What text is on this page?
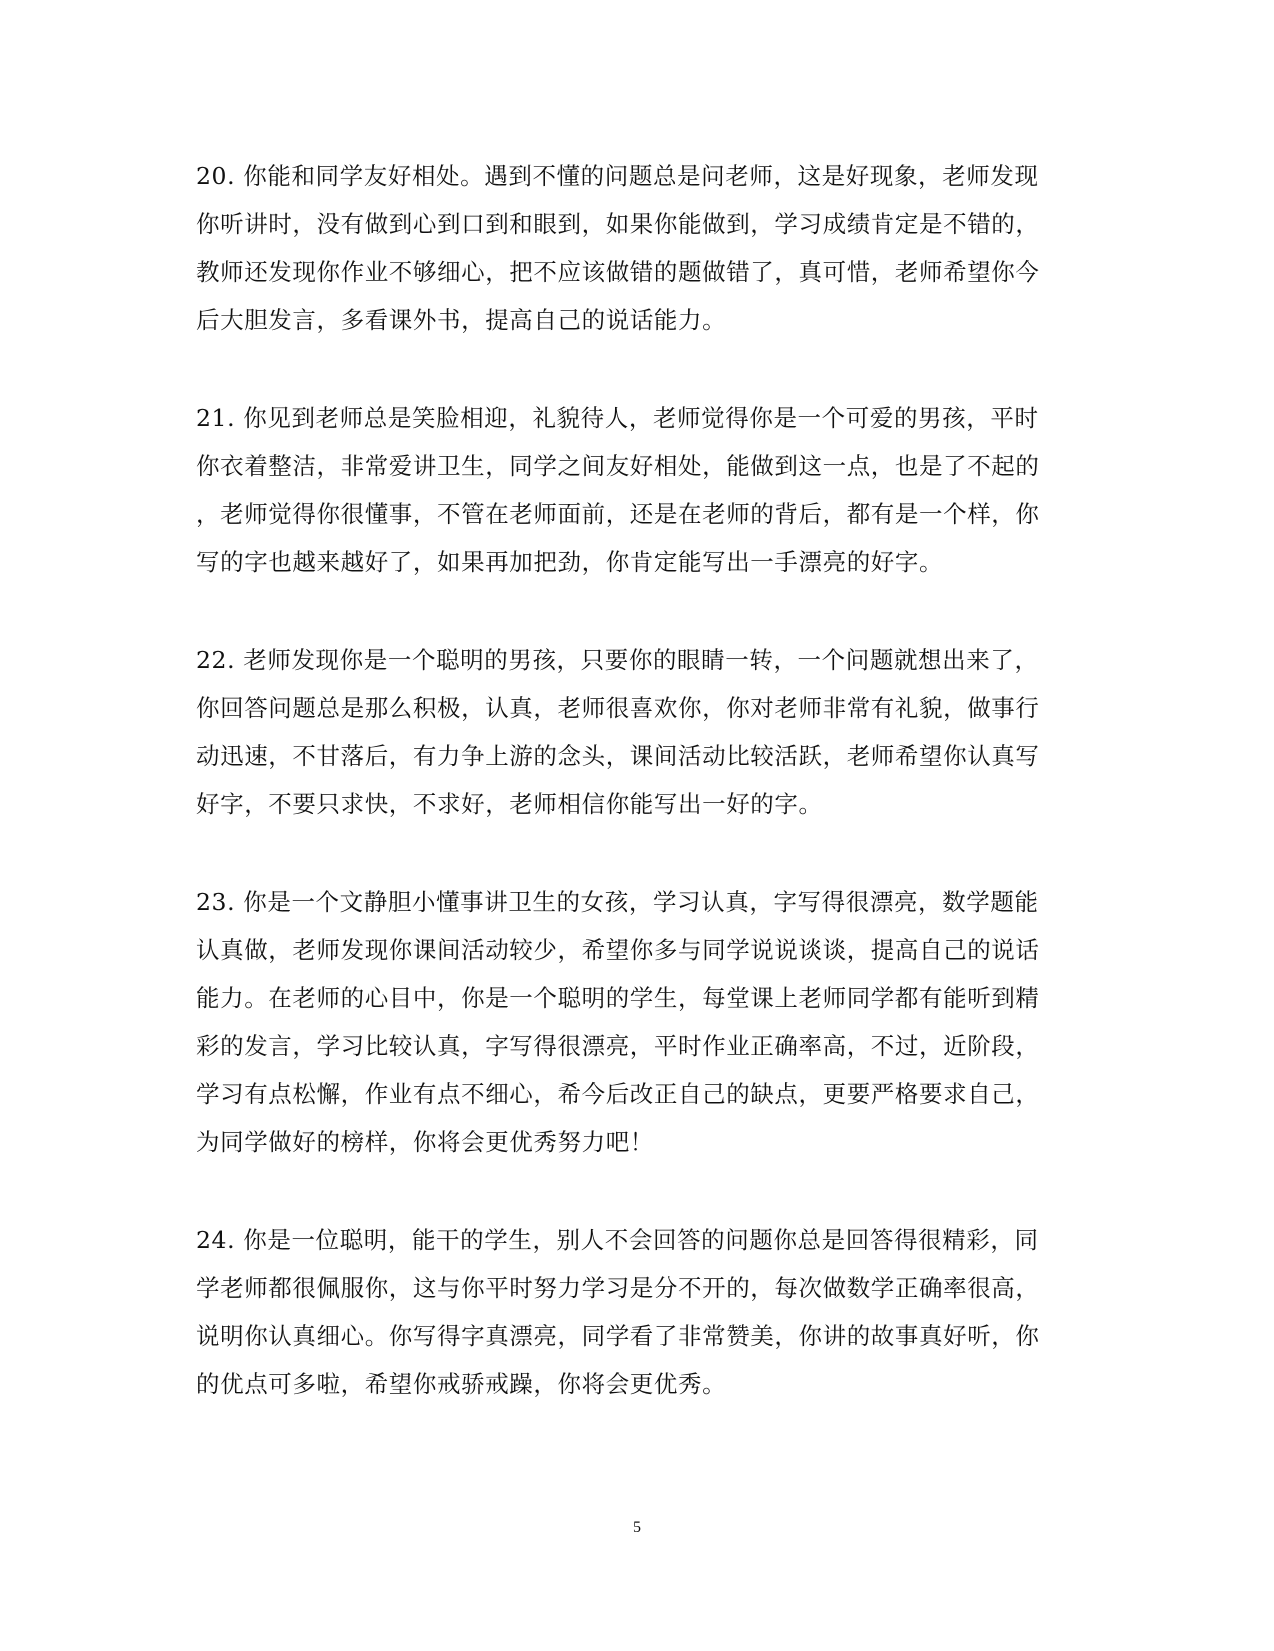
20. 你能和同学友好相处。遇到不懂的问题总是问老师，这是好现象，老师发现
你听讲时，没有做到心到口到和眼到，如果你能做到，学习成绩肯定是不错的，
教师还发现你作业不够细心，把不应该做错的题做错了，真可惜，老师希望你今
后大胆发言，多看课外书，提高自己的说话能力。
21. 你见到老师总是笑脸相迎，礼貌待人，老师觉得你是一个可爱的男孩，平时
你衣着整洁，非常爱讲卫生，同学之间友好相处，能做到这一点，也是了不起的
，老师觉得你很懂事，不管在老师面前，还是在老师的背后，都有是一个样，你
写的字也越来越好了，如果再加把劲，你肯定能写出一手漂亮的好字。
22. 老师发现你是一个聪明的男孩，只要你的眼睛一转，一个问题就想出来了，
你回答问题总是那么积极，认真，老师很喜欢你，你对老师非常有礼貌，做事行
动迅速，不甘落后，有力争上游的念头，课间活动比较活跃，老师希望你认真写
好字，不要只求快，不求好，老师相信你能写出一好的字。
23. 你是一个文静胆小懂事讲卫生的女孩，学习认真，字写得很漂亮，数学题能
认真做，老师发现你课间活动较少，希望你多与同学说说谈谈，提高自己的说话
能力。在老师的心目中，你是一个聪明的学生，每堂课上老师同学都有能听到精
彩的发言，学习比较认真，字写得很漂亮，平时作业正确率高，不过，近阶段，
学习有点松懈，作业有点不细心，希今后改正自己的缺点，更要严格要求自己，
为同学做好的榜样，你将会更优秀努力吧！
24. 你是一位聪明，能干的学生，别人不会回答的问题你总是回答得很精彩，同
学老师都很佩服你，这与你平时努力学习是分不开的，每次做数学正确率很高，
说明你认真细心。你写得字真漂亮，同学看了非常赞美，你讲的故事真好听，你
的优点可多啦，希望你戒骄戒躁，你将会更优秀。
5
